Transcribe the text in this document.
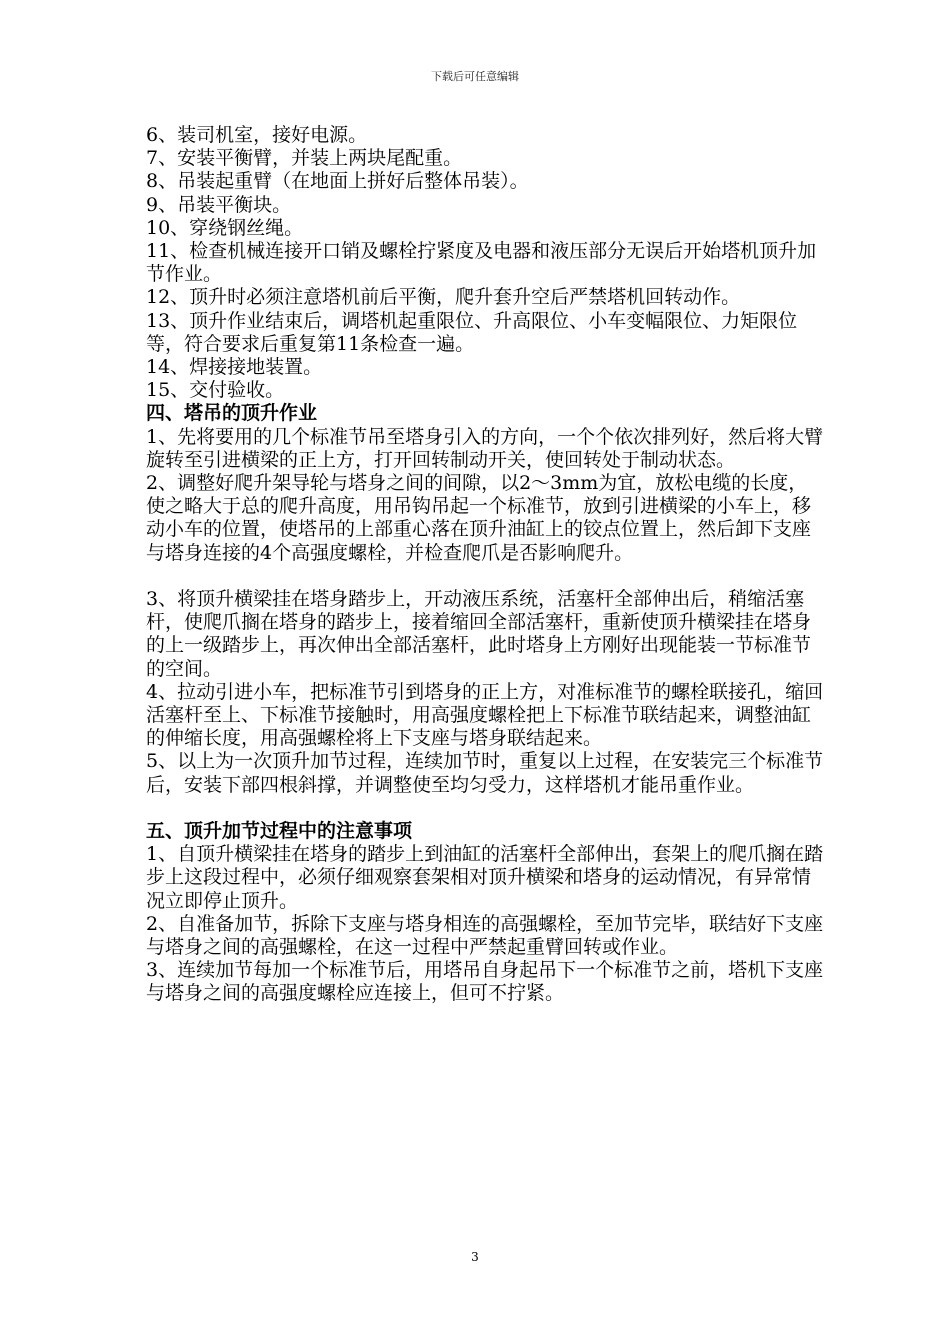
下载后可任意编辑

6、装司机室，接好电源。

7、安装平衡臂，并装上两块尾配重。

8、吊装起重臂（在地面上拼好后整体吊装）。

9、吊装平衡块。

10、穿绕钢丝绳。

11、检查机械连接开口销及螺栓拧紧度及电器和液压部分无误后开始塔机顶升加节作业。

12、顶升时必须注意塔机前后平衡，爬升套升空后严禁塔机回转动作。

13、顶升作业结束后，调塔机起重限位、升高限位、小车变幅限位、力矩限位等，符合要求后重复第11条检查一遍。

14、焊接接地装置。

15、交付验收。

四、塔吊的顶升作业

1、先将要用的几个标准节吊至塔身引入的方向，一个个依次排列好，然后将大臂旋转至引进横梁的正上方，打开回转制动开关，使回转处于制动状态。

2、调整好爬升架导轮与塔身之间的间隙，以2～3mm为宜，放松电缆的长度，使之略大于总的爬升高度，用吊钩吊起一个标准节，放到引进横梁的小车上，移动小车的位置，使塔吊的上部重心落在顶升油缸上的铰点位置上，然后卸下支座与塔身连接的4个高强度螺栓，并检查爬爪是否影响爬升。

3、将顶升横梁挂在塔身踏步上，开动液压系统，活塞杆全部伸出后，稍缩活塞杆，使爬爪搁在塔身的踏步上，接着缩回全部活塞杆，重新使顶升横梁挂在塔身的上一级踏步上，再次伸出全部活塞杆，此时塔身上方刚好出现能装一节标准节的空间。

4、拉动引进小车，把标准节引到塔身的正上方，对准标准节的螺栓联接孔，缩回活塞杆至上、下标准节接触时，用高强度螺栓把上下标准节联结起来，调整油缸的伸缩长度，用高强螺栓将上下支座与塔身联结起来。

5、以上为一次顶升加节过程，连续加节时，重复以上过程，在安装完三个标准节后，安装下部四根斜撑，并调整使至均匀受力，这样塔机才能吊重作业。

五、顶升加节过程中的注意事项

1、自顶升横梁挂在塔身的踏步上到油缸的活塞杆全部伸出，套架上的爬爪搁在踏步上这段过程中，必须仔细观察套架相对顶升横梁和塔身的运动情况，有异常情况立即停止顶升。

2、自准备加节，拆除下支座与塔身相连的高强螺栓，至加节完毕，联结好下支座与塔身之间的高强螺栓，在这一过程中严禁起重臂回转或作业。

3、连续加节每加一个标准节后，用塔吊自身起吊下一个标准节之前，塔机下支座与塔身之间的高强度螺栓应连接上，但可不拧紧。

3
